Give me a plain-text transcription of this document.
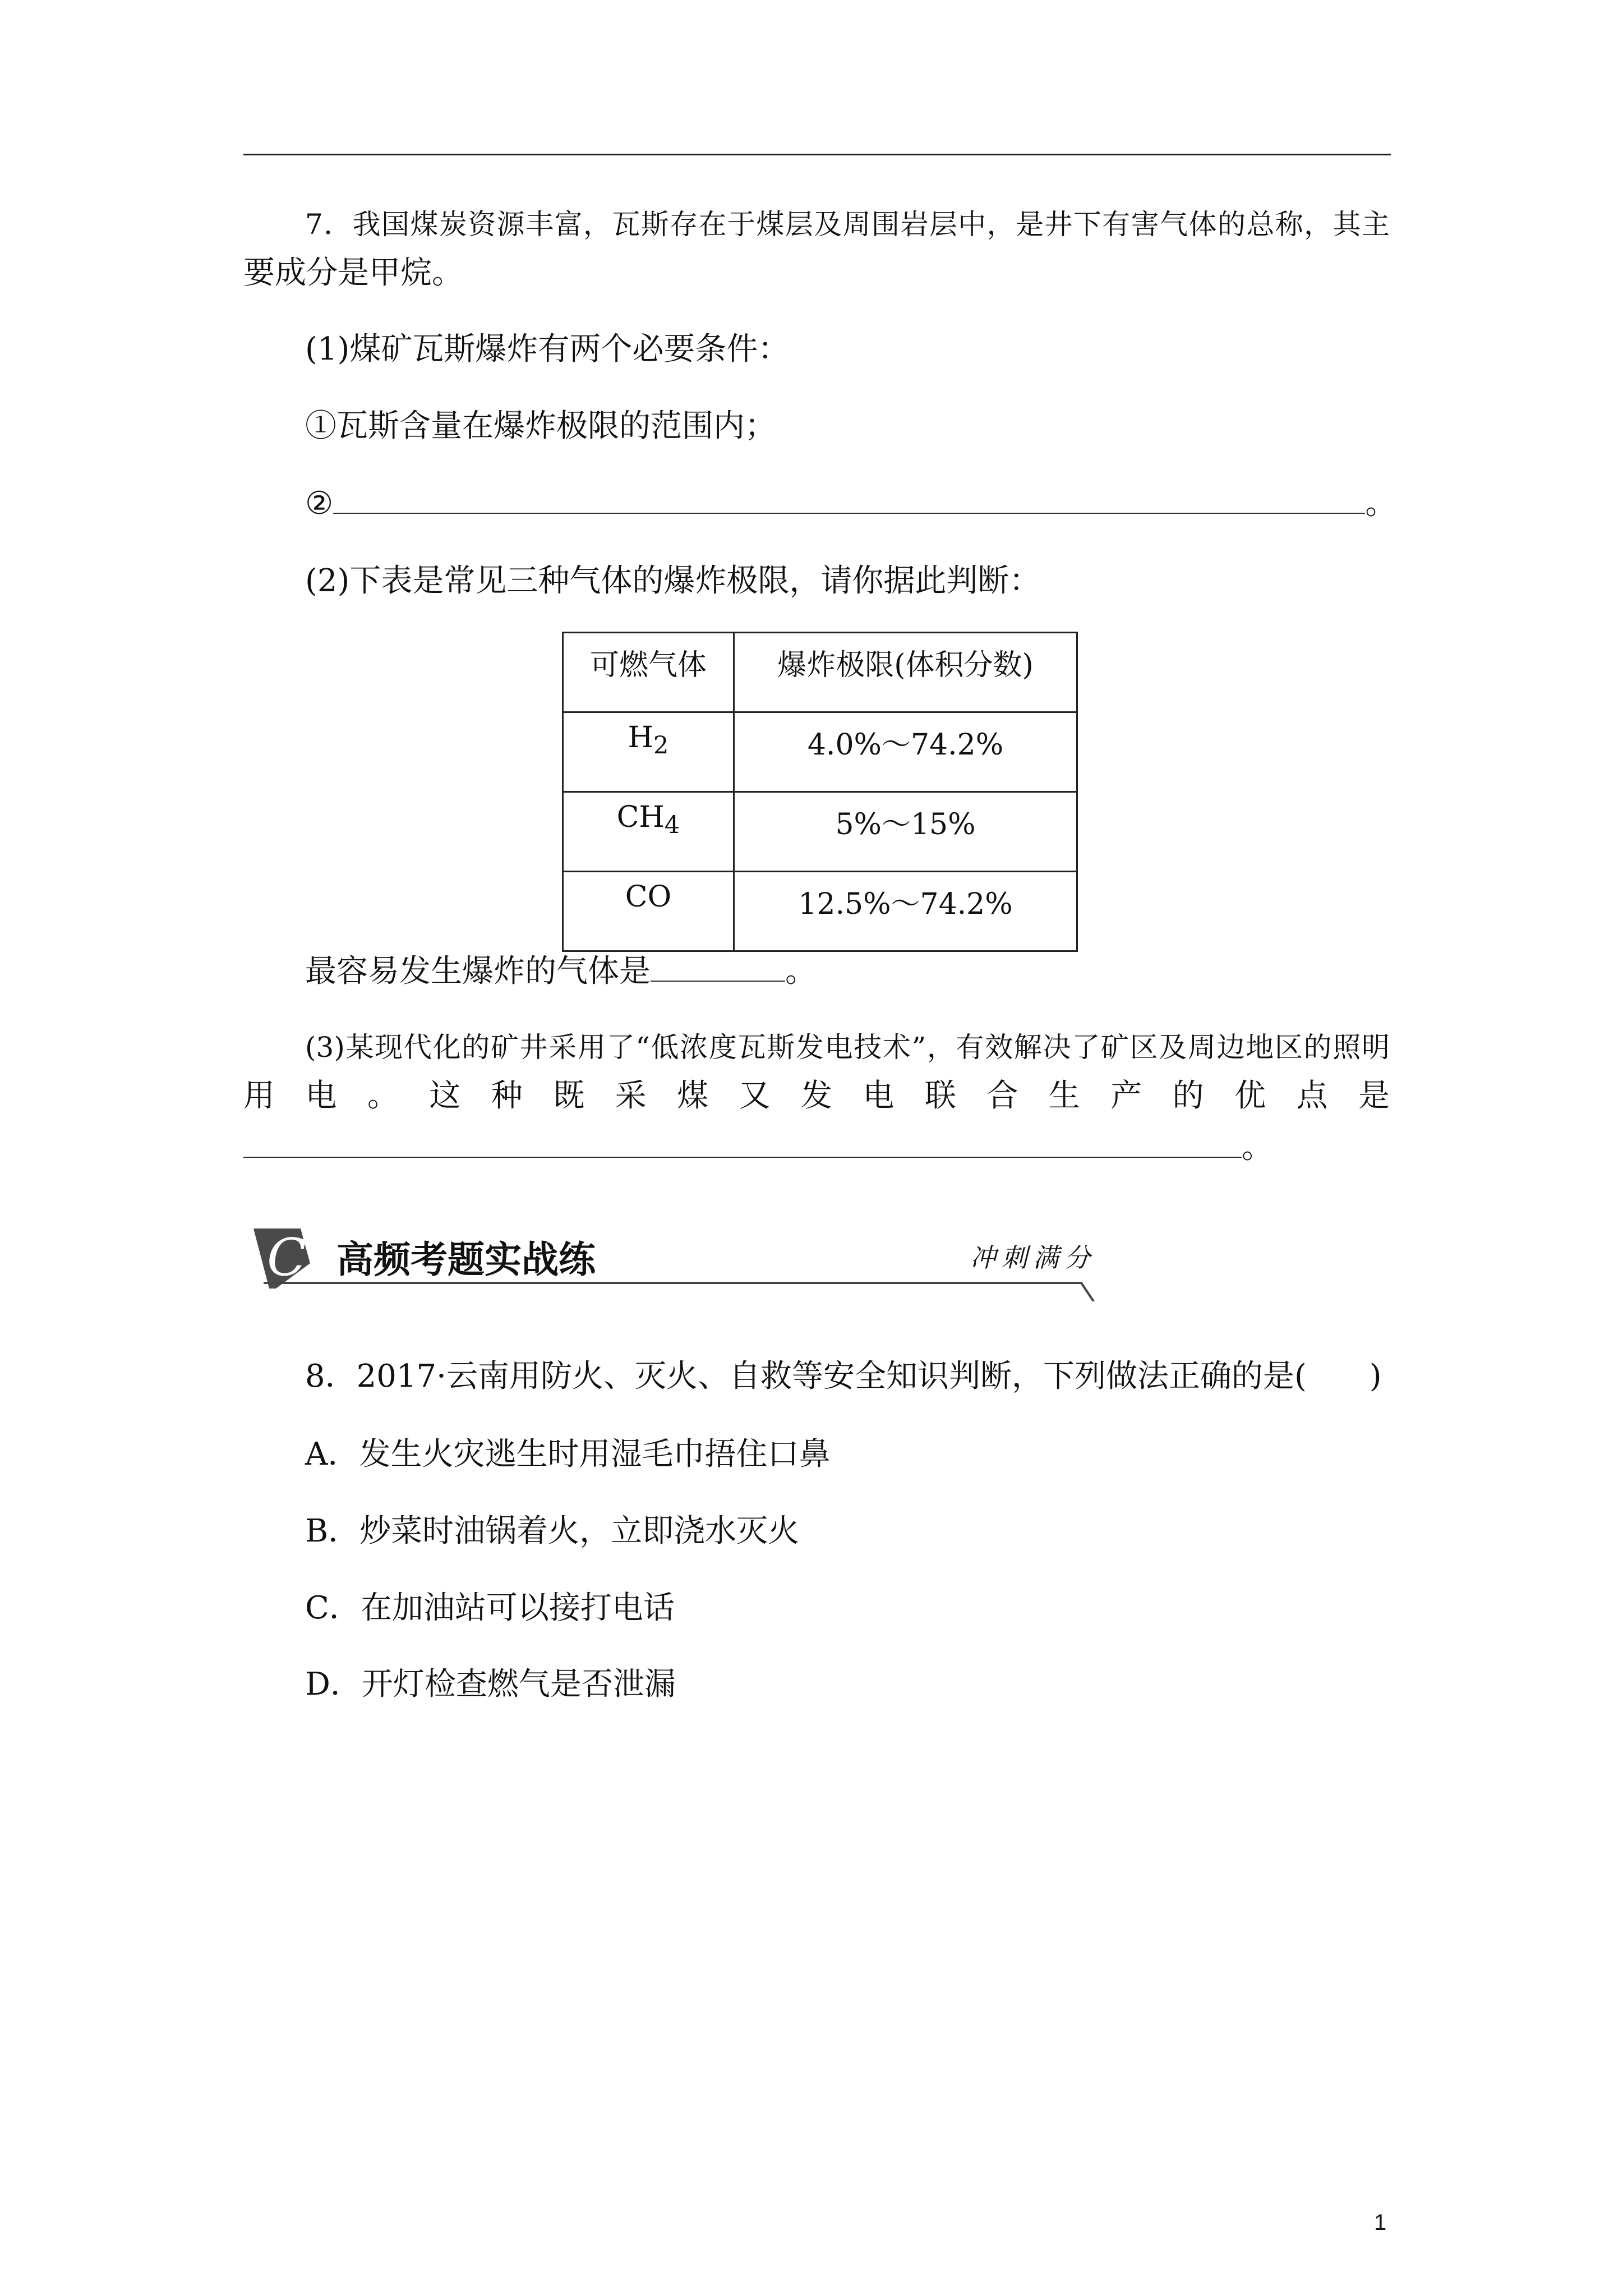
7．我国煤炭资源丰富，瓦斯存在于煤层及周围岩层中，是井下有害气体的总称，其主
要成分是甲烷。
(1)煤矿瓦斯爆炸有两个必要条件：
①瓦斯含量在爆炸极限的范围内；
②	。
(2)下表是常见三种气体的爆炸极限，请你据此判断：
可燃气体	爆炸极限(体积分数)
$H_2$	4.0%～74.2%
$CH_4$	5%～15%
CO	12.5%～74.2%
最容易发生爆炸的气体是	。
(3)某现代化的矿井采用了“低浓度瓦斯发电技术”，有效解决了矿区及周边地区的照明
用电。这种既采煤又发电联合生产的优点是
。
C 高频考题实战练	冲刺满分
8．2017·云南用防火、灭火、自救等安全知识判断，下列做法正确的是(　　)
A．发生火灾逃生时用湿毛巾捂住口鼻
B．炒菜时油锅着火，立即浇水灭火
C．在加油站可以接打电话
D．开灯检查燃气是否泄漏
1
